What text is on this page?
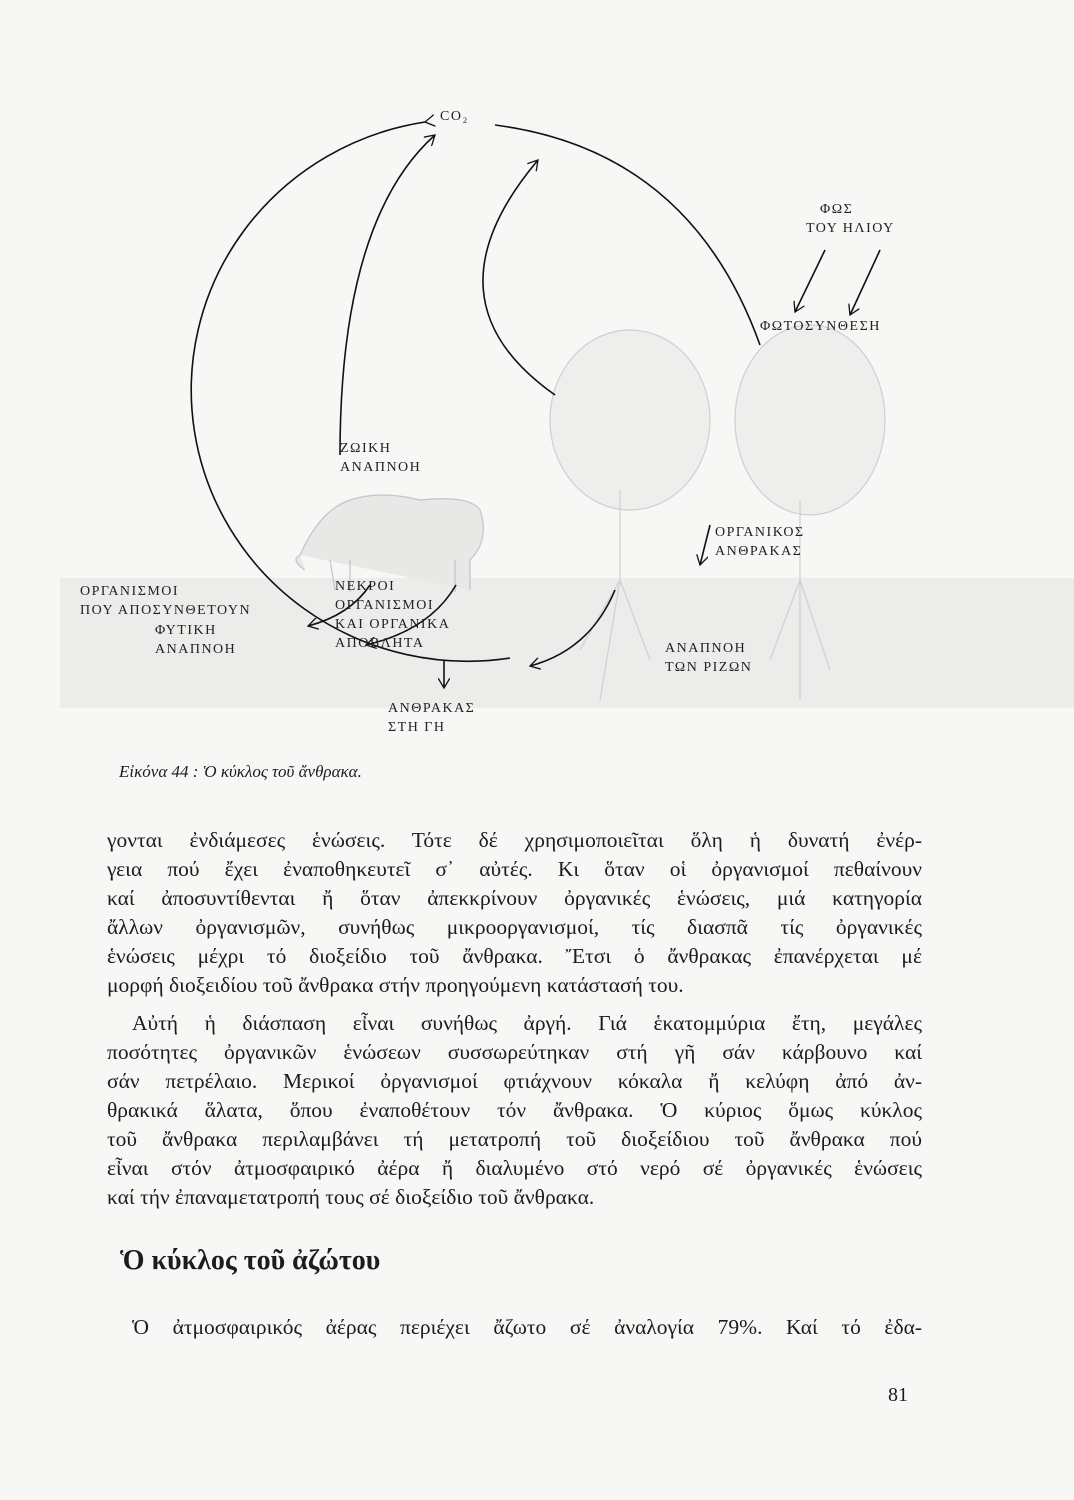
CO₂
ΦΩΣ
ΤΟΥ ΗΛΙΟΥ
ΦΩΤΟΣΥΝΘΕΣΗ
ΖΩΙΚΗ
ΑΝΑΠΝΟΗ
ΟΡΓΑΝΙΚΟΣ
ΑΝΘΡΑΚΑΣ
ΟΡΓΑΝΙΣΜΟΙ
ΠΟΥ ΑΠΟΣΥΝΘΕΤΟΥΝ
ΦΥΤΙΚΗ
ΑΝΑΠΝΟΗ
ΝΕΚΡΟΙ
ΟΡΓΑΝΙΣΜΟΙ
ΚΑΙ ΟΡΓΑΝΙΚΑ
ΑΠΟΒΛΗΤΑ	ΑΝΑΠΝΟΗ
ΤΩΝ ΡΙΖΩΝ
ΑΝΘΡΑΚΑΣ
ΣΤΗ ΓΗ
Εἰκόνα 44 : Ὁ κύκλος τοῦ ἄνθρακα.
γονται ἐνδιάμεσες ἑνώσεις. Τότε δέ χρησιμοποιεῖται ὅλη ἡ δυνατή ἐνέρ-
γεια πού ἔχει ἐναποθηκευτεῖ σ᾽ αὐτές. Κι ὅταν οἱ ὀργανισμοί πεθαίνουν
καί ἀποσυντίθενται ἤ ὅταν ἀπεκκρίνουν ὀργανικές ἑνώσεις, μιά κατηγορία
ἄλλων ὀργανισμῶν, συνήθως μικροοργανισμοί, τίς διασπᾶ τίς ὀργανικές
ἑνώσεις μέχρι τό διοξείδιο τοῦ ἄνθρακα. Ἔτσι ὁ ἄνθρακας ἐπανέρχεται μέ
μορφή διοξειδίου τοῦ ἄνθρακα στήν προηγούμενη κατάστασή του.
Αὐτή ἡ διάσπαση εἶναι συνήθως ἀργή. Γιά ἑκατομμύρια ἔτη, μεγάλες
ποσότητες ὀργανικῶν ἑνώσεων συσσωρεύτηκαν στή γῆ σάν κάρβουνο καί
σάν πετρέλαιο. Μερικοί ὀργανισμοί φτιάχνουν κόκαλα ἤ κελύφη ἀπό ἀν-
θρακικά ἅλατα, ὅπου ἐναποθέτουν τόν ἄνθρακα. Ὁ κύριος ὅμως κύκλος
τοῦ ἄνθρακα περιλαμβάνει τή μετατροπή τοῦ διοξείδιου τοῦ ἄνθρακα πού
εἶναι στόν ἀτμοσφαιρικό ἀέρα ἤ διαλυμένο στό νερό σέ ὀργανικές ἑνώσεις
καί τήν ἐπαναμετατροπή τους σέ διοξείδιο τοῦ ἄνθρακα.
Ὁ κύκλος τοῦ ἀζώτου
Ὁ ἀτμοσφαιρικός ἀέρας περιέχει ἄζωτο σέ ἀναλογία 79%. Καί τό ἐδα-
81
